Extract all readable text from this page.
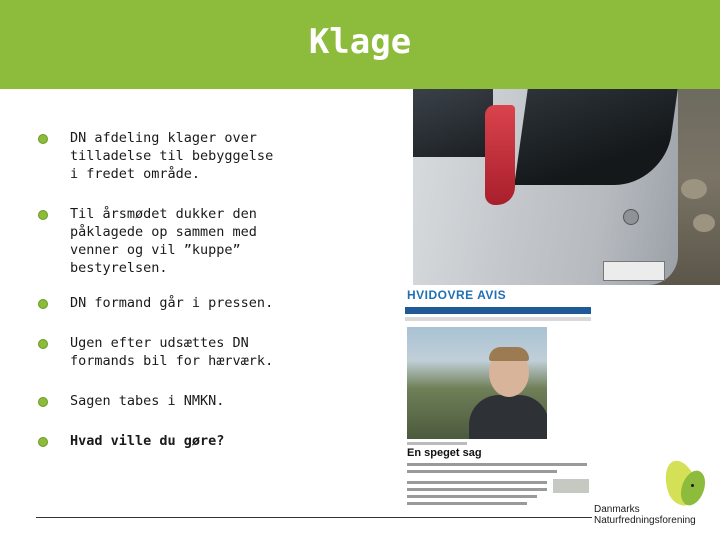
Klage
DN afdeling klager over tilladelse til bebyggelse i fredet område.
Til årsmødet dukker den påklagede op sammen med venner og vil ”kuppe” bestyrelsen.
DN formand går i pressen.
Ugen efter udsættes DN formands bil for hærværk.
Sagen tabes i NMKN.
Hvad ville du gøre?
HVIDOVRE AVIS
En speget sag
Danmarks
Naturfredningsforening
